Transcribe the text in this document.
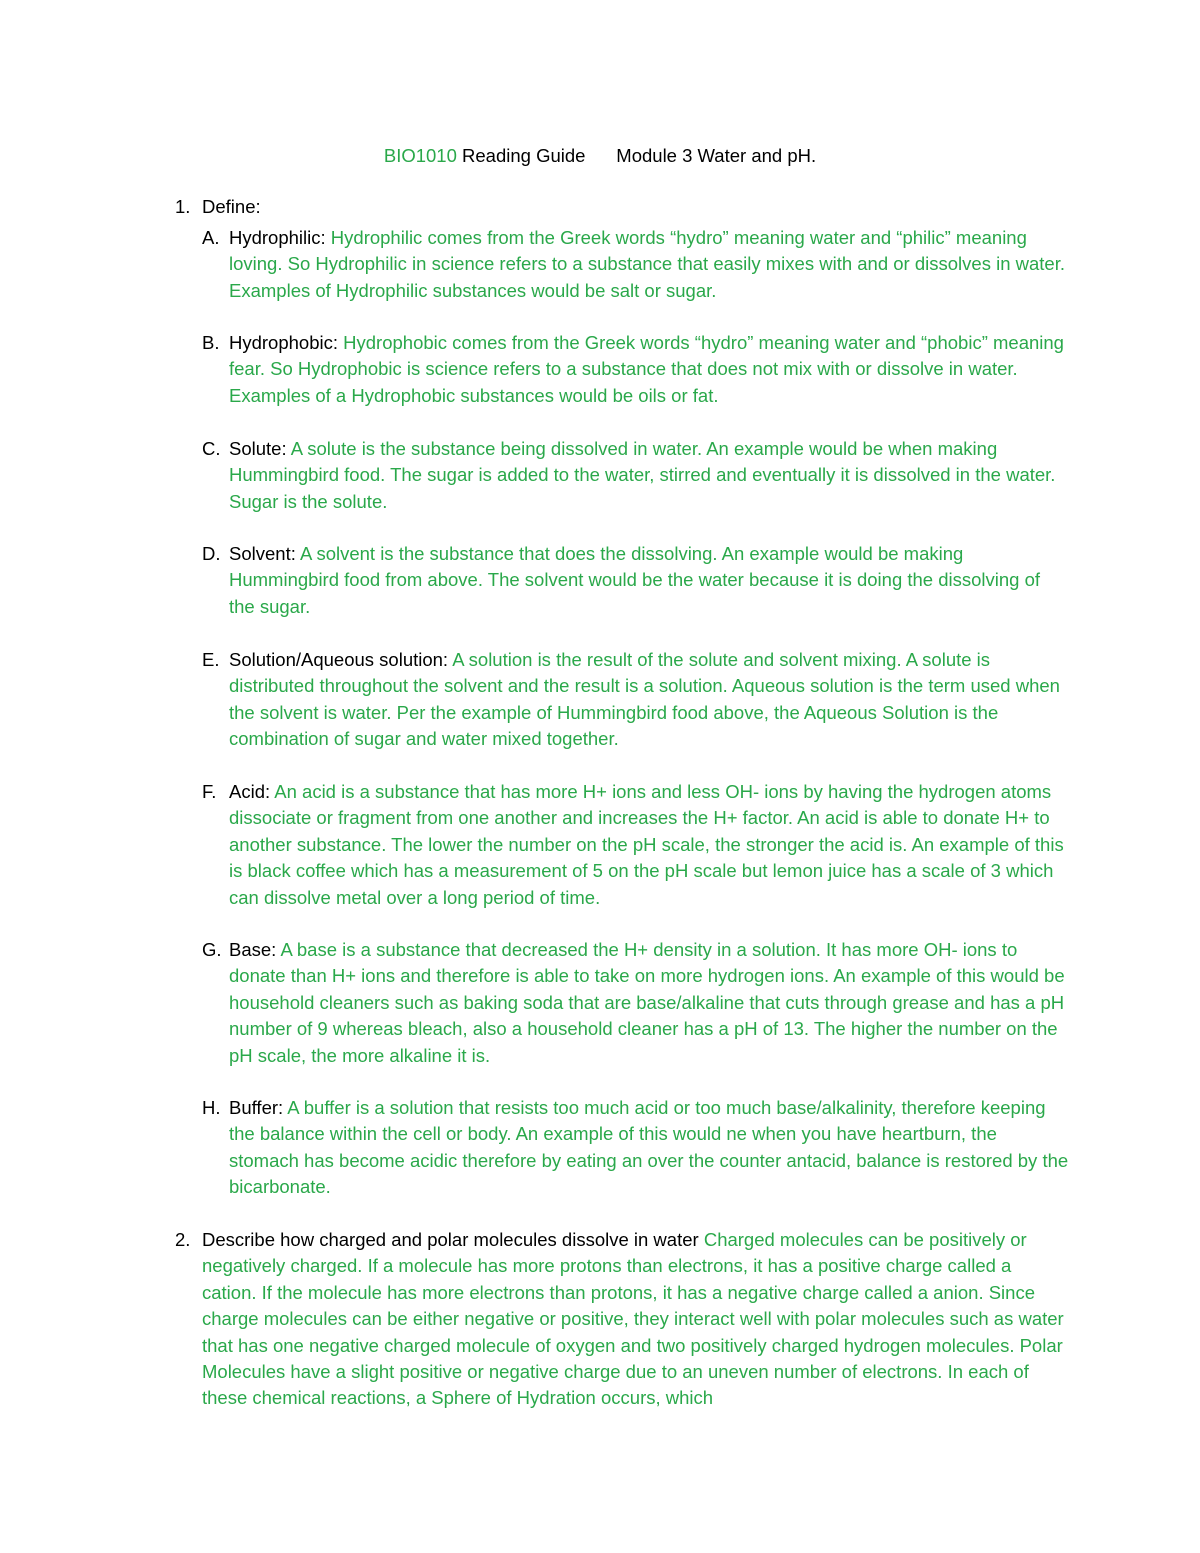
BIO1010 Reading Guide      Module 3 Water and pH.
1. Define:
A. Hydrophilic: Hydrophilic comes from the Greek words “hydro” meaning water and “philic” meaning loving. So Hydrophilic in science refers to a substance that easily mixes with and or dissolves in water. Examples of Hydrophilic substances would be salt or sugar.
B. Hydrophobic: Hydrophobic comes from the Greek words “hydro” meaning water and “phobic” meaning fear. So Hydrophobic is science refers to a substance that does not mix with or dissolve in water. Examples of a Hydrophobic substances would be oils or fat.
C. Solute: A solute is the substance being dissolved in water. An example would be when making Hummingbird food. The sugar is added to the water, stirred and eventually it is dissolved in the water. Sugar is the solute.
D. Solvent: A solvent is the substance that does the dissolving. An example would be making Hummingbird food from above. The solvent would be the water because it is doing the dissolving of the sugar.
E. Solution/Aqueous solution: A solution is the result of the solute and solvent mixing. A solute is distributed throughout the solvent and the result is a solution. Aqueous solution is the term used when the solvent is water. Per the example of Hummingbird food above, the Aqueous Solution is the combination of sugar and water mixed together.
F. Acid: An acid is a substance that has more H+ ions and less OH- ions by having the hydrogen atoms dissociate or fragment from one another and increases the H+ factor. An acid is able to donate H+ to another substance. The lower the number on the pH scale, the stronger the acid is. An example of this is black coffee which has a measurement of 5 on the pH scale but lemon juice has a scale of 3 which can dissolve metal over a long period of time.
G. Base: A base is a substance that decreased the H+ density in a solution. It has more OH- ions to donate than H+ ions and therefore is able to take on more hydrogen ions. An example of this would be household cleaners such as baking soda that are base/alkaline that cuts through grease and has a pH number of 9 whereas bleach, also a household cleaner has a pH of 13. The higher the number on the pH scale, the more alkaline it is.
H. Buffer: A buffer is a solution that resists too much acid or too much base/alkalinity, therefore keeping the balance within the cell or body. An example of this would ne when you have heartburn, the stomach has become acidic therefore by eating an over the counter antacid, balance is restored by the bicarbonate.
2. Describe how charged and polar molecules dissolve in water Charged molecules can be positively or negatively charged. If a molecule has more protons than electrons, it has a positive charge called a cation. If the molecule has more electrons than protons, it has a negative charge called a anion. Since charge molecules can be either negative or positive, they interact well with polar molecules such as water that has one negative charged molecule of oxygen and two positively charged hydrogen molecules. Polar Molecules have a slight positive or negative charge due to an uneven number of electrons. In each of these chemical reactions, a Sphere of Hydration occurs, which
